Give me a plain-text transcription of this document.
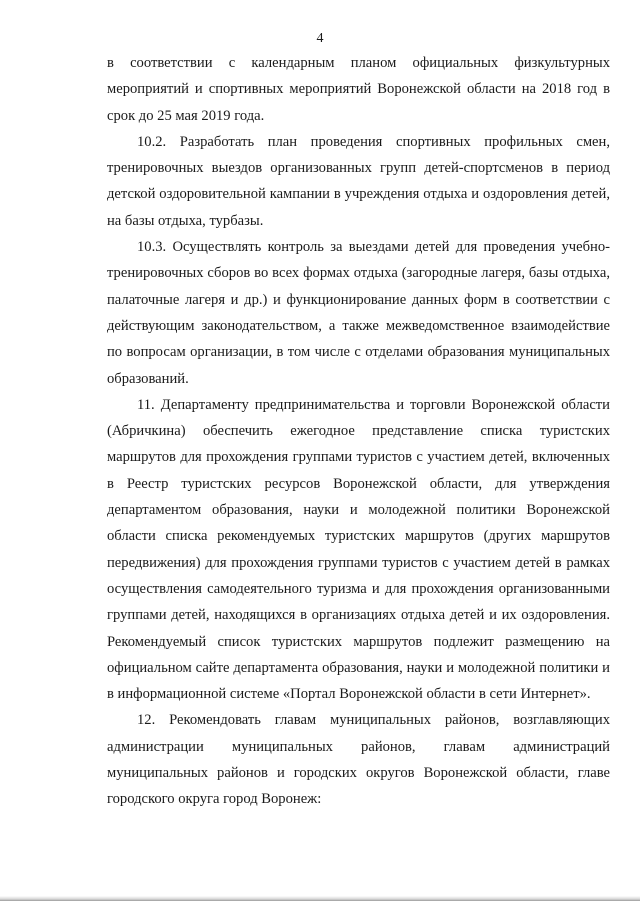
4

в соответствии с календарным планом официальных физкультурных мероприятий и спортивных мероприятий Воронежской области на 2018 год в срок до 25 мая 2019 года.

10.2. Разработать план проведения спортивных профильных смен, тренировочных выездов организованных групп детей-спортсменов в период детской оздоровительной кампании в учреждения отдыха и оздоровления детей, на базы отдыха, турбазы.

10.3. Осуществлять контроль за выездами детей для проведения учебно-тренировочных сборов во всех формах отдыха (загородные лагеря, базы отдыха, палаточные лагеря и др.) и функционирование данных форм в соответствии с действующим законодательством, а также межведомственное взаимодействие по вопросам организации, в том числе с отделами образования муниципальных образований.

11. Департаменту предпринимательства и торговли Воронежской области (Абричкина) обеспечить ежегодное представление списка туристских маршрутов для прохождения группами туристов с участием детей, включенных в Реестр туристских ресурсов Воронежской области, для утверждения департаментом образования, науки и молодежной политики Воронежской области списка рекомендуемых туристских маршрутов (других маршрутов передвижения) для прохождения группами туристов с участием детей в рамках осуществления самодеятельного туризма и для прохождения организованными группами детей, находящихся в организациях отдыха детей и их оздоровления. Рекомендуемый список туристских маршрутов подлежит размещению на официальном сайте департамента образования, науки и молодежной политики и в информационной системе «Портал Воронежской области в сети Интернет».

12. Рекомендовать главам муниципальных районов, возглавляющих администрации муниципальных районов, главам администраций муниципальных районов и городских округов Воронежской области, главе городского округа город Воронеж:
